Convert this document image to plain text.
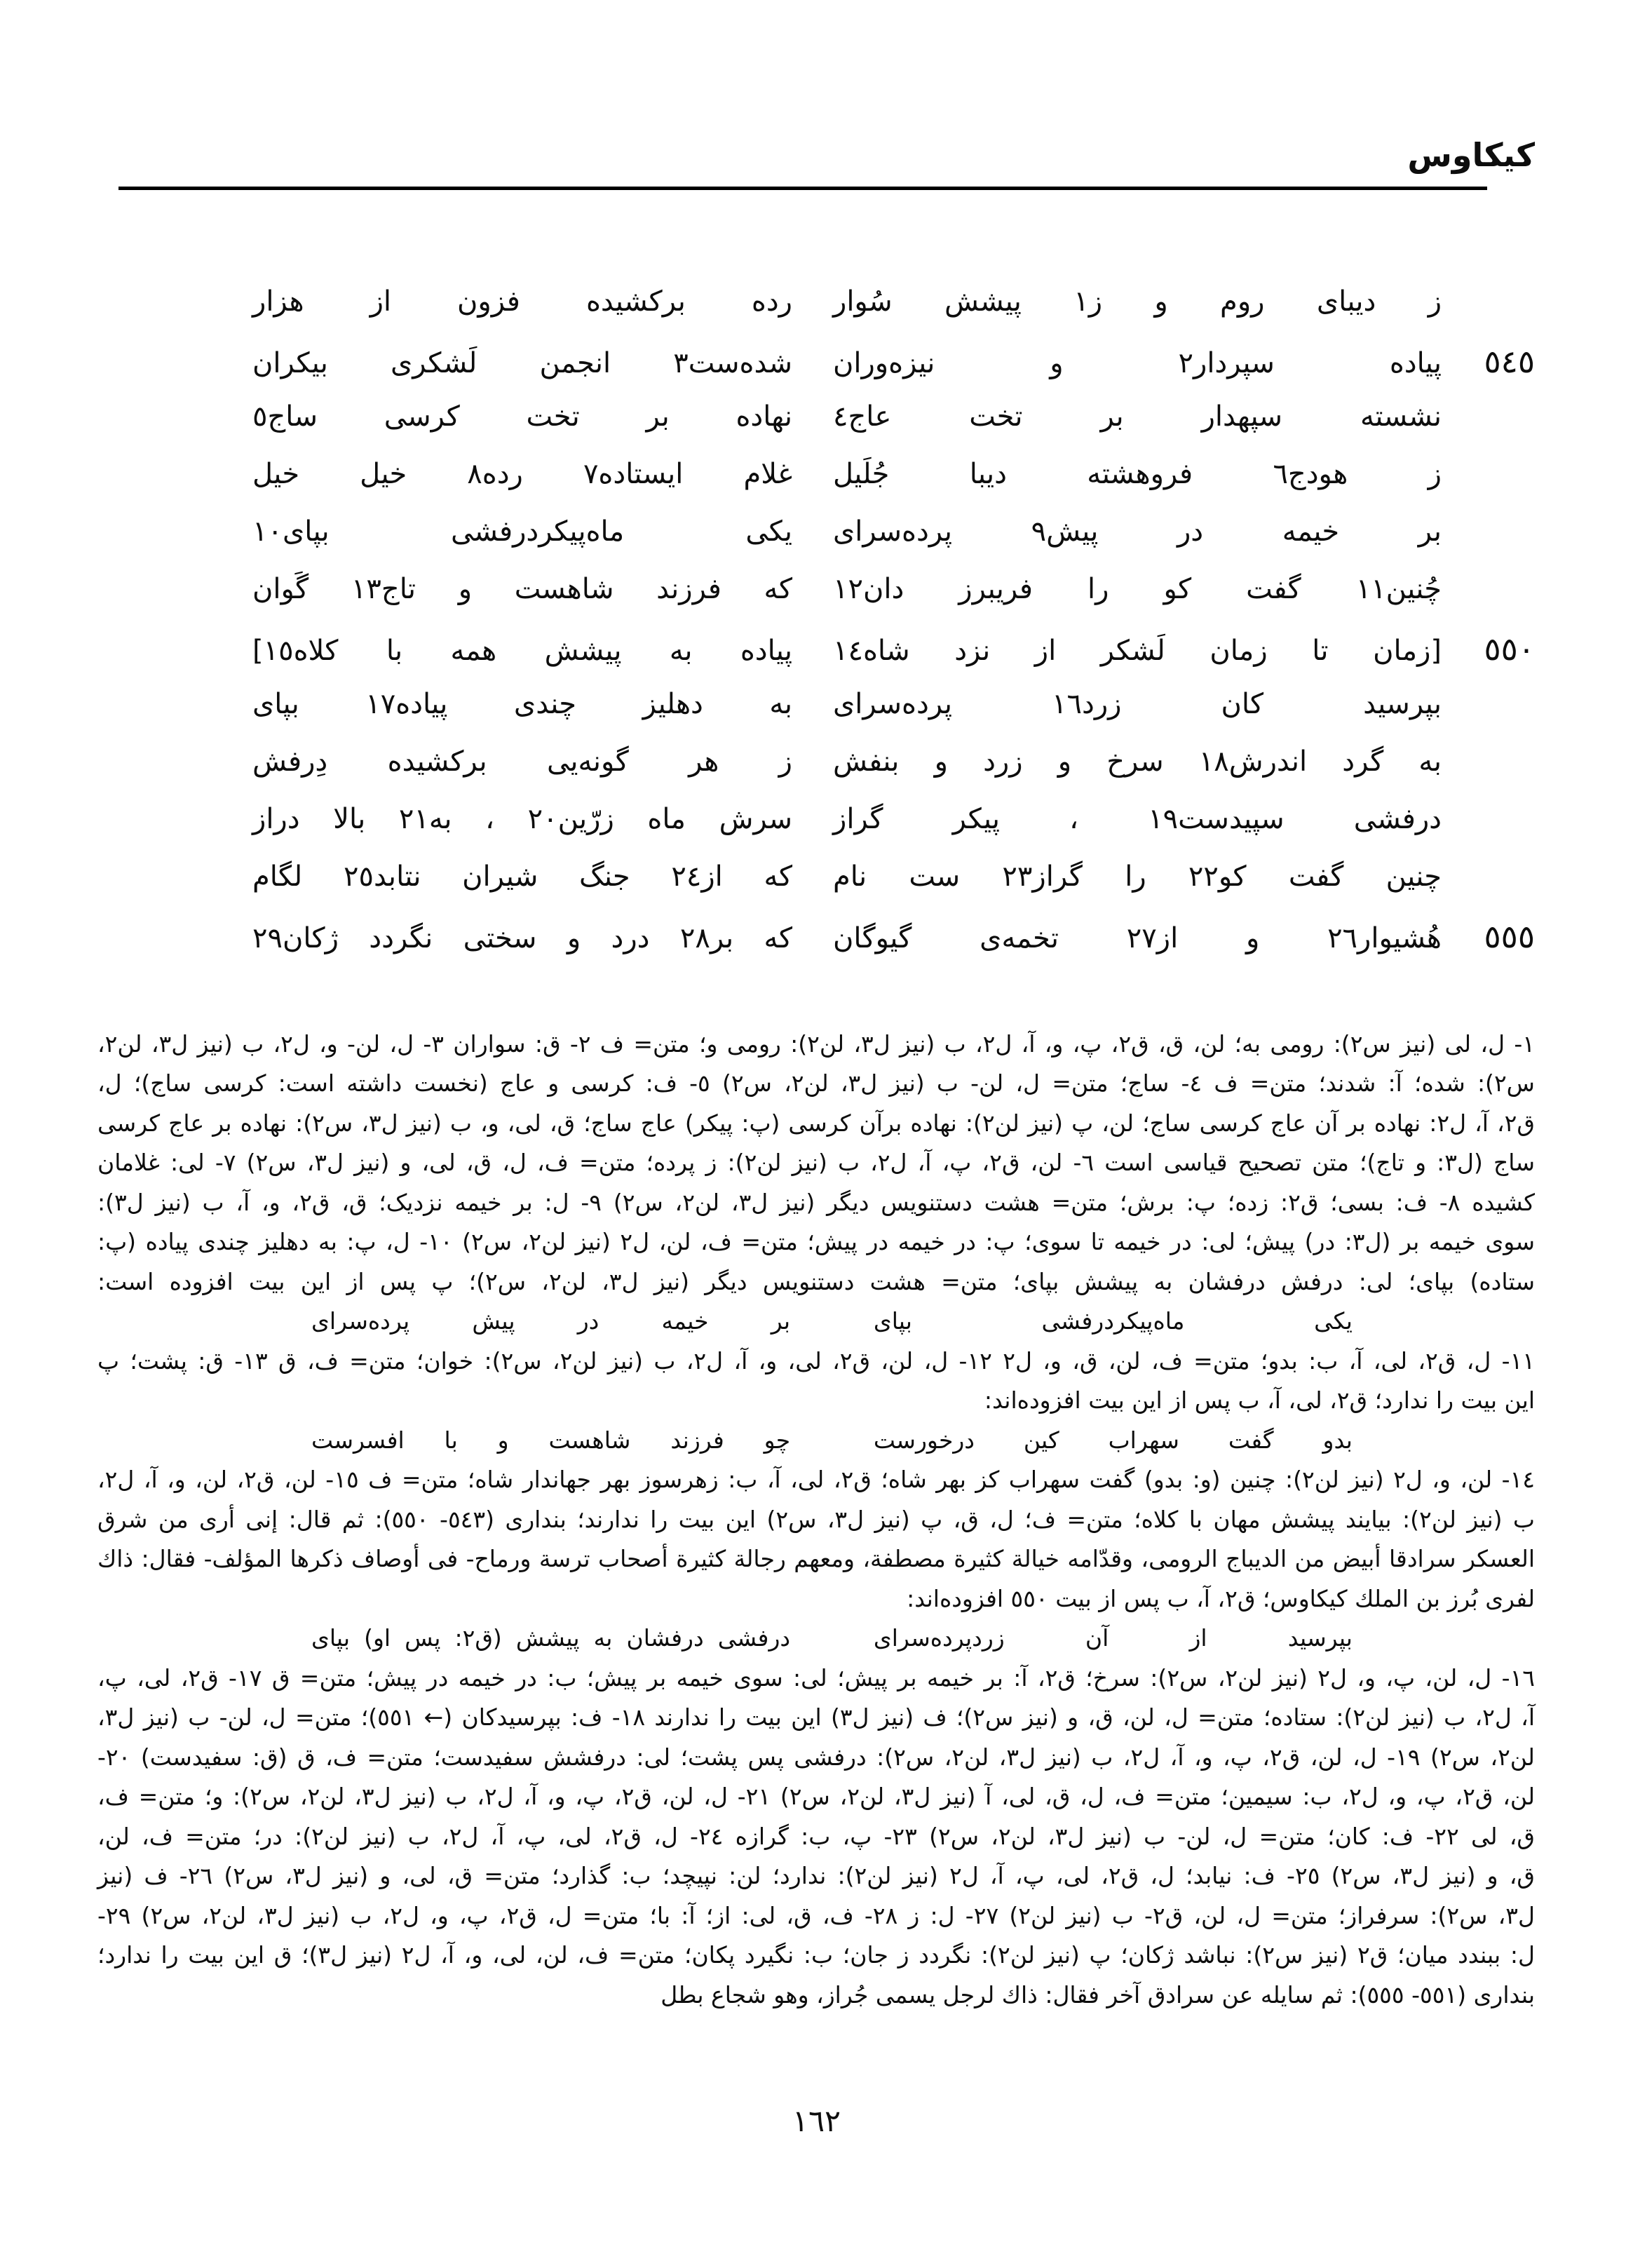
کیکاوس
ز دیبای روم و ز١ پیشش سُوار
رده برکشیده فزون از هزار
٥٤٥
پیاده سپردار٢ و نیزه‌وران
شده‌ست٣ انجمن لَشکری بیکران
نشسته سپهدار بر تخت عاج٤
نهاده بر تخت کرسی ساج٥
ز هودج٦ فروهشته دیبا جُلَیل
غلام ایستاده٧ رده٨ خیل خیل
بر خیمه در پیش٩ پرده‌سرای
یکی ماه‌پیکردرفشی بپای١٠
چُنین١١ گفت کو را فریبرز دان١٢
که فرزند شاهست و تاج١٣ گَوان
٥٥٠
[زمان تا زمان لَشکر از نزد شاه١٤
پیاده به پیشش همه با کلاه١٥]
بپرسید کان زرد١٦ پرده‌سرای
به دهلیز چندی پیاده١٧ بپای
به گرد اندرش١٨ سرخ و زرد و بنفش
ز هر گونه‌یی برکشیده دِرفش
درفشی سپیدست١٩ ، پیکر گراز
سرش ماه زرّین٢٠ ، به٢١ بالا دراز
چنین گفت کو٢٢ را گراز٢٣ ست نام
که از٢٤ جنگ شیران نتابد٢٥ لگام
٥٥٥
هُشیوار٢٦ و از٢٧ تخمه‌ی گیوگان
که بر٢٨ درد و سختی نگردد ژکان٢٩
١- ل، لی (نیز س٢): رومی به؛ لن، ق، ق٢، پ، و، آ، ل٢، ب (نیز ل٣، لن٢): رومی و؛ متن= ف ٢- ق: سواران ٣- ل، لن- و، ل٢، ب (نیز ل٣، لن٢،
س٢): شده؛ آ: شدند؛ متن= ف ٤- ساج؛ متن= ل، لن- ب (نیز ل٣، لن٢، س٢) ٥- ف: کرسی و عاج (نخست داشته است: کرسی ساج)؛ ل،
ق٢، آ، ل٢: نهاده بر آن عاج کرسی ساج؛ لن، پ (نیز لن٢): نهاده برآن کرسی (پ: پیکر) عاج ساج؛ ق، لی، و، ب (نیز ل٣، س٢): نهاده بر عاج کرسی
ساج (ل٣: و تاج)؛ متن تصحیح قیاسی است ٦- لن، ق٢، پ، آ، ل٢، ب (نیز لن٢): ز پرده؛ متن= ف، ل، ق، لی، و (نیز ل٣، س٢) ٧- لی: غلامان
کشیده ٨- ف: بسی؛ ق٢: زده؛ پ: برش؛ متن= هشت دستنویس دیگر (نیز ل٣، لن٢، س٢) ٩- ل: بر خیمه نزدیک؛ ق، ق٢، و، آ، ب (نیز ل٣):
سوی خیمه بر (ل٣: در) پیش؛ لی: در خیمه تا سوی؛ پ: در خیمه در پیش؛ متن= ف، لن، ل٢ (نیز لن٢، س٢) ١٠- ل، پ: به دهلیز چندی پیاده (پ:
ستاده) بپای؛ لی: درفش درفشان به پیشش بپای؛ متن= هشت دستنویس دیگر (نیز ل٣، لن٢، س٢)؛ پ پس از این بیت افزوده است:
یکی ماه‌پیکردرفشی بپای
بر خیمه در پیش پرده‌سرای
١١- ل، ق٢، لی، آ، ب: بدو؛ متن= ف، لن، ق، و، ل٢ ١٢- ل، لن، ق٢، لی، و، آ، ل٢، ب (نیز لن٢، س٢): خوان؛ متن= ف، ق ١٣- ق: پشت؛ پ
این بیت را ندارد؛ ق٢، لی، آ، ب پس از این بیت افزوده‌اند:
بدو گفت سهراب کین درخورست
چو فرزند شاهست و با افسرست
١٤- لن، و، ل٢ (نیز لن٢): چنین (و: بدو) گفت سهراب کز بهر شاه؛ ق٢، لی، آ، ب: زهرسوز بهر جهاندار شاه؛ متن= ف ١٥- لن، ق٢، لن، و، آ، ل٢،
ب (نیز لن٢): بیایند پیشش مهان با کلاه؛ متن= ف؛ ل، ق، پ (نیز ل٣، س٢) این بیت را ندارند؛ بنداری (٥٤٣- ٥٥٠): ثم قال: إنی أری من شرق
العسکر سرادقا أبیض من الدیباج الرومی، وقدّامه خیالة کثیرة مصطفة، ومعهم رجالة کثیرة أصحاب ترسة ورماح- فی أوصاف ذکرها المؤلف- فقال: ذاك
لفری بُرز بن الملك کیکاوس؛ ق٢، آ، ب پس از بیت ٥٥٠ افزوده‌اند:
بپرسید از آن زردپرده‌سرای
درفشی درفشان به پیشش (ق٢: پس او) بپای
١٦- ل، لن، پ، و، ل٢ (نیز لن٢، س٢): سرخ؛ ق٢، آ: بر خیمه بر پیش؛ لی: سوی خیمه بر پیش؛ ب: در خیمه در پیش؛ متن= ق ١٧- ق٢، لی، پ،
آ، ل٢، ب (نیز لن٢): ستاده؛ متن= ل، لن، ق، و (نیز س٢)؛ ف (نیز ل٣) این بیت را ندارند ١٨- ف: بپرسیدکان (← ٥٥١)؛ متن= ل، لن- ب (نیز ل٣،
لن٢، س٢) ١٩- ل، لن، ق٢، پ، و، آ، ل٢، ب (نیز ل٣، لن٢، س٢): درفشی پس پشت؛ لی: درفشش سفیدست؛ متن= ف، ق (ق: سفیدست) ٢٠-
لن، ق٢، پ، و، ل٢، ب: سیمین؛ متن= ف، ل، ق، لی، آ (نیز ل٣، لن٢، س٢) ٢١- ل، لن، ق٢، پ، و، آ، ل٢، ب (نیز ل٣، لن٢، س٢): و؛ متن= ف،
ق، لی ٢٢- ف: کان؛ متن= ل، لن- ب (نیز ل٣، لن٢، س٢) ٢٣- پ، ب: گرازه ٢٤- ل، ق٢، لی، پ، آ، ل٢، ب (نیز لن٢): در؛ متن= ف، لن،
ق، و (نیز ل٣، س٢) ٢٥- ف: نیابد؛ ل، ق٢، لی، پ، آ، ل٢ (نیز لن٢): ندارد؛ لن: نپیچد؛ ب: گذارد؛ متن= ق، لی، و (نیز ل٣، س٢) ٢٦- ف (نیز
ل٣، س٢): سرفراز؛ متن= ل، لن، ق٢- ب (نیز لن٢) ٢٧- ل: ز ٢٨- ف، ق، لی: از؛ آ: با؛ متن= ل، ق٢، پ، و، ل٢، ب (نیز ل٣، لن٢، س٢) ٢٩-
ل: ببندد میان؛ ق٢ (نیز س٢): نباشد ژکان؛ پ (نیز لن٢): نگردد ز جان؛ ب: نگیرد پکان؛ متن= ف، لن، لی، و، آ، ل٢ (نیز ل٣)؛ ق این بیت را ندارد؛
بنداری (٥٥١- ٥٥٥): ثم سایله عن سرادق آخر فقال: ذاك لرجل یسمی جُراز، وهو شجاع بطل
١٦٢
